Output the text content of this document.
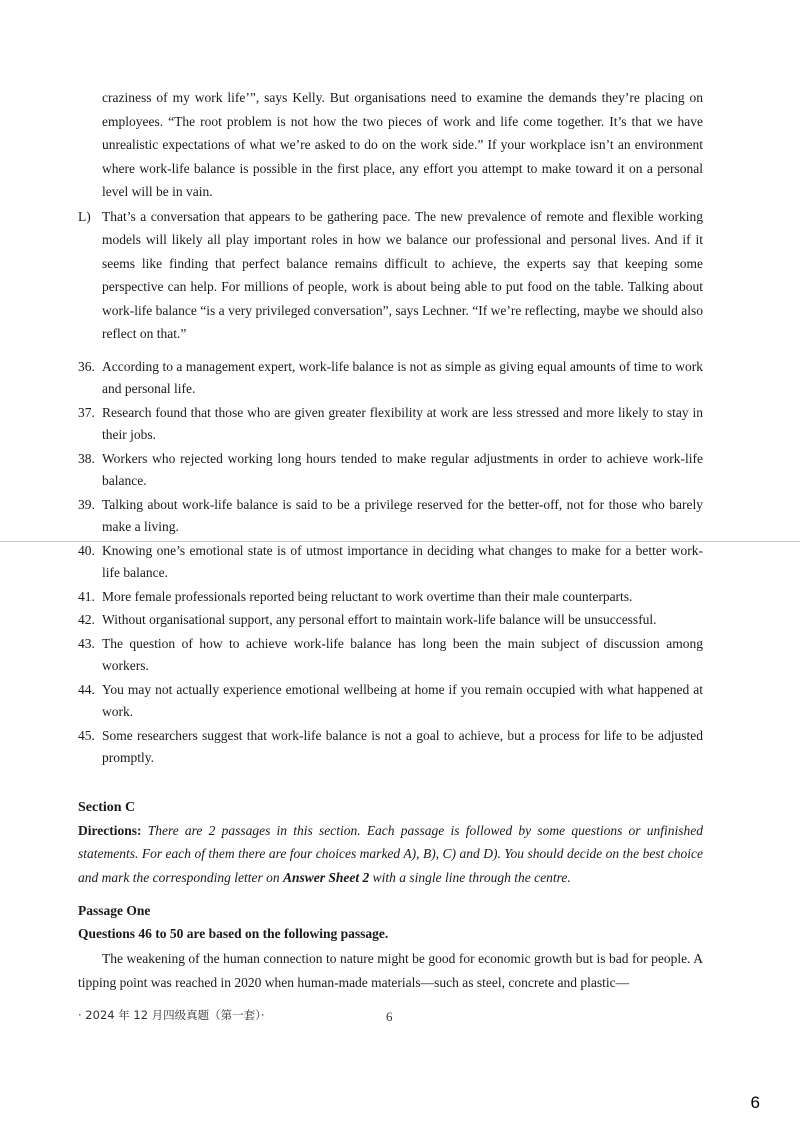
craziness of my work life’”, says Kelly. But organisations need to examine the demands they’re placing on employees. “The root problem is not how the two pieces of work and life come together. It’s that we have unrealistic expectations of what we’re asked to do on the work side.” If your workplace isn’t an environment where work-life balance is possible in the first place, any effort you attempt to make toward it on a personal level will be in vain.

L) That’s a conversation that appears to be gathering pace. The new prevalence of remote and flexible working models will likely all play important roles in how we balance our professional and personal lives. And if it seems like finding that perfect balance remains difficult to achieve, the experts say that keeping some perspective can help. For millions of people, work is about being able to put food on the table. Talking about work-life balance “is a very privileged conversation”, says Lechner. “If we’re reflecting, maybe we should also reflect on that.”

36. According to a management expert, work-life balance is not as simple as giving equal amounts of time to work and personal life.

37. Research found that those who are given greater flexibility at work are less stressed and more likely to stay in their jobs.

38. Workers who rejected working long hours tended to make regular adjustments in order to achieve work-life balance.

39. Talking about work-life balance is said to be a privilege reserved for the better-off, not for those who barely make a living.

40. Knowing one’s emotional state is of utmost importance in deciding what changes to make for a better work-life balance.

41. More female professionals reported being reluctant to work overtime than their male counterparts.

42. Without organisational support, any personal effort to maintain work-life balance will be unsuccessful.

43. The question of how to achieve work-life balance has long been the main subject of discussion among workers.

44. You may not actually experience emotional wellbeing at home if you remain occupied with what happened at work.

45. Some researchers suggest that work-life balance is not a goal to achieve, but a process for life to be adjusted promptly.

Section C

Directions: There are 2 passages in this section. Each passage is followed by some questions or unfinished statements. For each of them there are four choices marked A), B), C) and D). You should decide on the best choice and mark the corresponding letter on Answer Sheet 2 with a single line through the centre.

Passage One

Questions 46 to 50 are based on the following passage.

The weakening of the human connection to nature might be good for economic growth but is bad for people. A tipping point was reached in 2020 when human-made materials—such as steel, concrete and plastic—

· 2024 年 12 月四级真题（第一套）·	6
6
